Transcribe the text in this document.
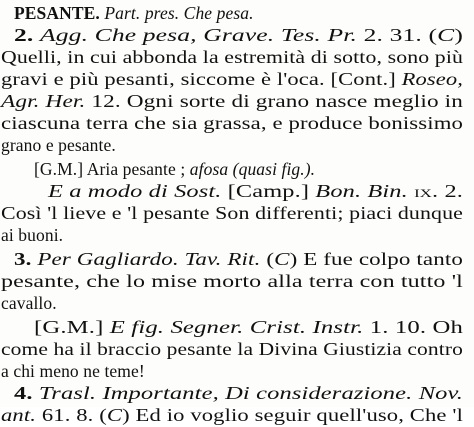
PESANTE. Part. pres. Che pesa.
2. Agg. Che pesa, Grave. Tes. Pr. 2. 31. (C)
Quelli, in cui abbonda la estremità di sotto, sono più
gravi e più pesanti, siccome è l'oca. [Cont.] Roseo,
Agr. Her. 12. Ogni sorte di grano nasce meglio in
ciascuna terra che sia grassa, e produce bonissimo
grano e pesante.
[G.M.] Aria pesante ; afosa (quasi fig.).
E a modo di Sost. [Camp.] Bon. Bin. ix. 2.
Così 'l lieve e 'l pesante Son differenti; piaci dunque
ai buoni.
3. Per Gagliardo. Tav. Rit. (C) E fue colpo tanto
pesante, che lo mise morto alla terra con tutto 'l
cavallo.
[G.M.] E fig. Segner. Crist. Instr. 1. 10. Oh
come ha il braccio pesante la Divina Giustizia contro
a chi meno ne teme!
4. Trasl. Importante, Di considerazione. Nov.
ant. 61. 8. (C) Ed io voglio seguir quell'uso, Che 'l
